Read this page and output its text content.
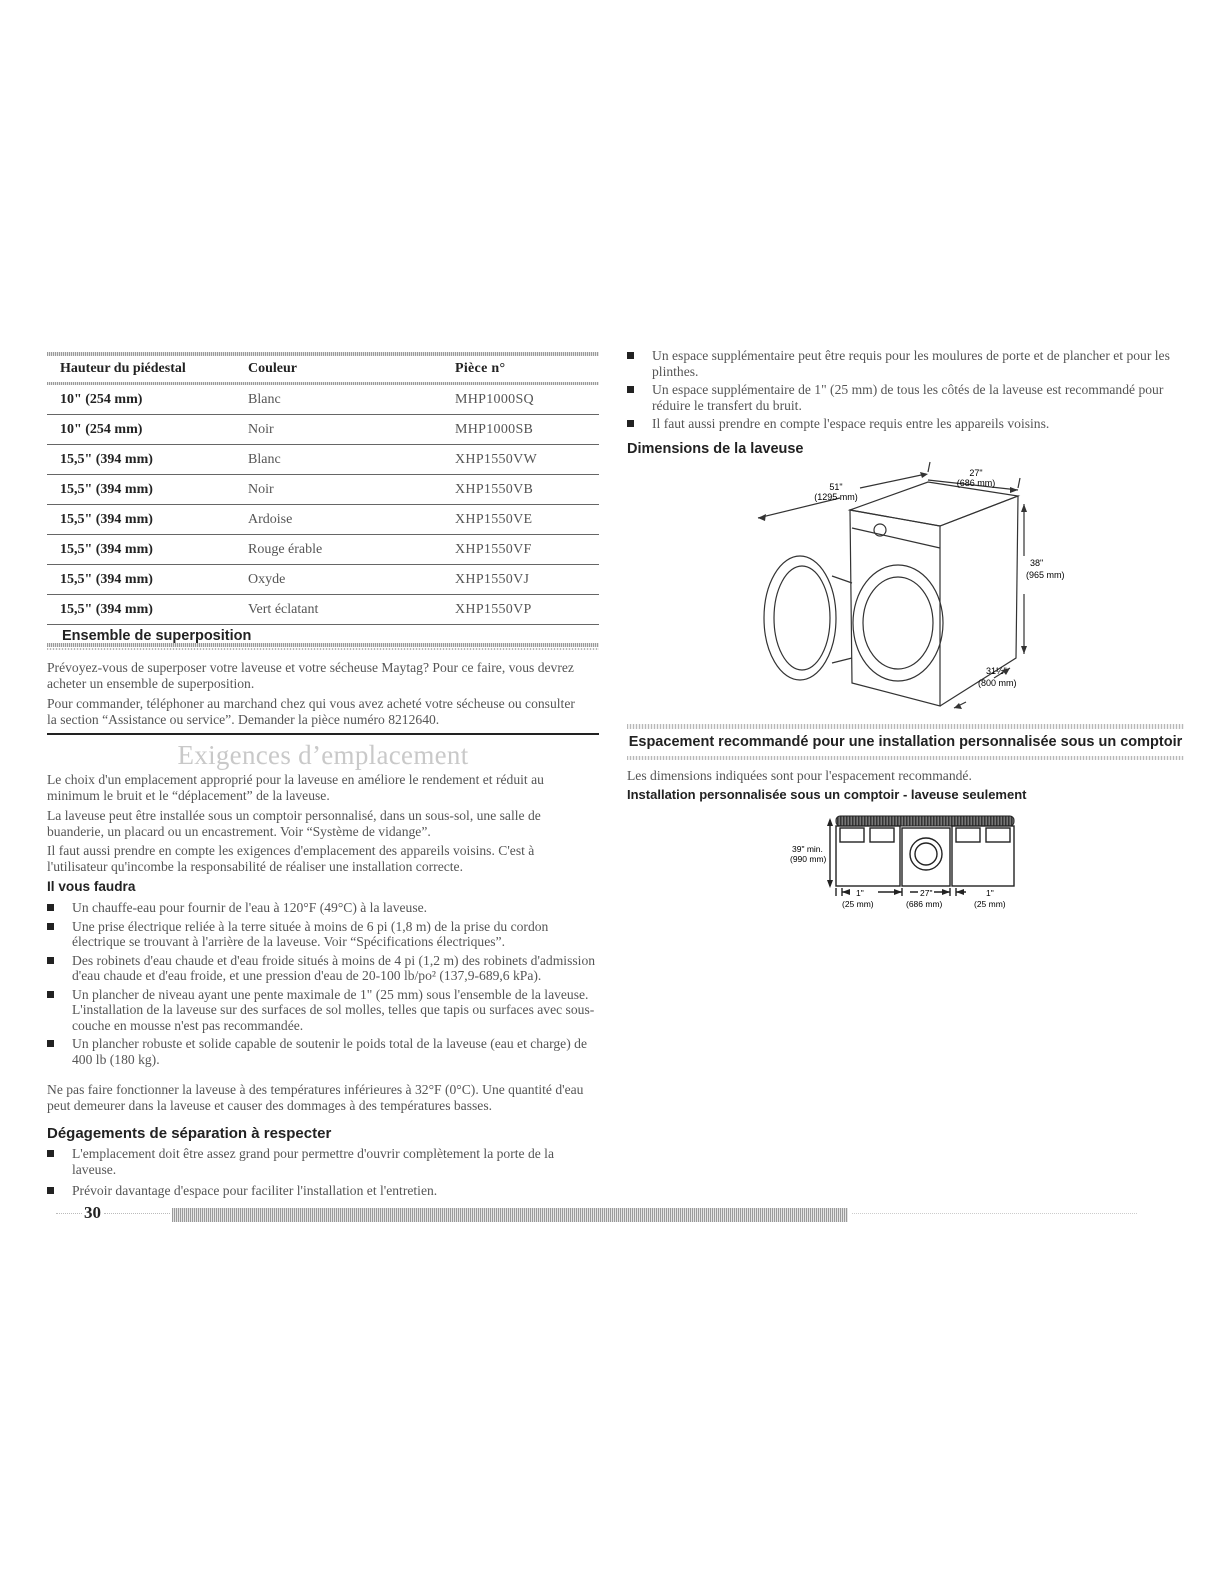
Hauteur du piédestal	Couleur	Pièce n°
10" (254 mm)	Blanc	MHP1000SQ
10" (254 mm)	Noir	MHP1000SB
15,5" (394 mm)	Blanc	XHP1550VW
15,5" (394 mm)	Noir	XHP1550VB
15,5" (394 mm)	Ardoise	XHP1550VE
15,5" (394 mm)	Rouge érable	XHP1550VF
15,5" (394 mm)	Oxyde	XHP1550VJ
15,5" (394 mm)	Vert éclatant	XHP1550VP
Ensemble de superposition
Prévoyez-vous de superposer votre laveuse et votre sécheuse Maytag? Pour ce faire, vous devrez acheter un ensemble de superposition.
Pour commander, téléphoner au marchand chez qui vous avez acheté votre sécheuse ou consulter la section “Assistance ou service”. Demander la pièce numéro 8212640.
Exigences d’emplacement
Le choix d'un emplacement approprié pour la laveuse en améliore le rendement et réduit au minimum le bruit et le “déplacement” de la laveuse.
La laveuse peut être installée sous un comptoir personnalisé, dans un sous-sol, une salle de buanderie, un placard ou un encastrement. Voir “Système de vidange”.
Il faut aussi prendre en compte les exigences d'emplacement des appareils voisins. C'est à l'utilisateur qu'incombe la responsabilité de réaliser une installation correcte.
Il vous faudra
Un chauffe-eau pour fournir de l'eau à 120°F (49°C) à la laveuse.
Une prise électrique reliée à la terre située à moins de 6 pi (1,8 m) de la prise du cordon électrique se trouvant à l'arrière de la laveuse. Voir “Spécifications électriques”.
Des robinets d'eau chaude et d'eau froide situés à moins de 4 pi (1,2 m) des robinets d'admission d'eau chaude et d'eau froide, et une pression d'eau de 20-100 lb/po² (137,9-689,6 kPa).
Un plancher de niveau ayant une pente maximale de 1" (25 mm) sous l'ensemble de la laveuse. L'installation de la laveuse sur des surfaces de sol molles, telles que tapis ou surfaces avec sous-couche en mousse n'est pas recommandée.
Un plancher robuste et solide capable de soutenir le poids total de la laveuse (eau et charge) de 400 lb (180 kg).
Ne pas faire fonctionner la laveuse à des températures inférieures à 32°F (0°C). Une quantité d'eau peut demeurer dans la laveuse et causer des dommages à des températures basses.
Dégagements de séparation à respecter
L'emplacement doit être assez grand pour permettre d'ouvrir complètement la porte de la laveuse.
Prévoir davantage d'espace pour faciliter l'installation et l'entretien.
30
Un espace supplémentaire peut être requis pour les moulures de porte et de plancher et pour les plinthes.
Un espace supplémentaire de 1" (25 mm) de tous les côtés de la laveuse est recommandé pour réduire le transfert du bruit.
Il faut aussi prendre en compte l'espace requis entre les appareils voisins.
Dimensions de la laveuse
27"
(686 mm)
51"
(1295 mm)
38"
(965 mm)
31½"
(800 mm)
Espacement recommandé pour une installation personnalisée sous un comptoir
Les dimensions indiquées sont pour l'espacement recommandé.
Installation personnalisée sous un comptoir - laveuse seulement
39" min.
(990 mm)
1"
(25 mm)
27"
(686 mm)
1"
(25 mm)
